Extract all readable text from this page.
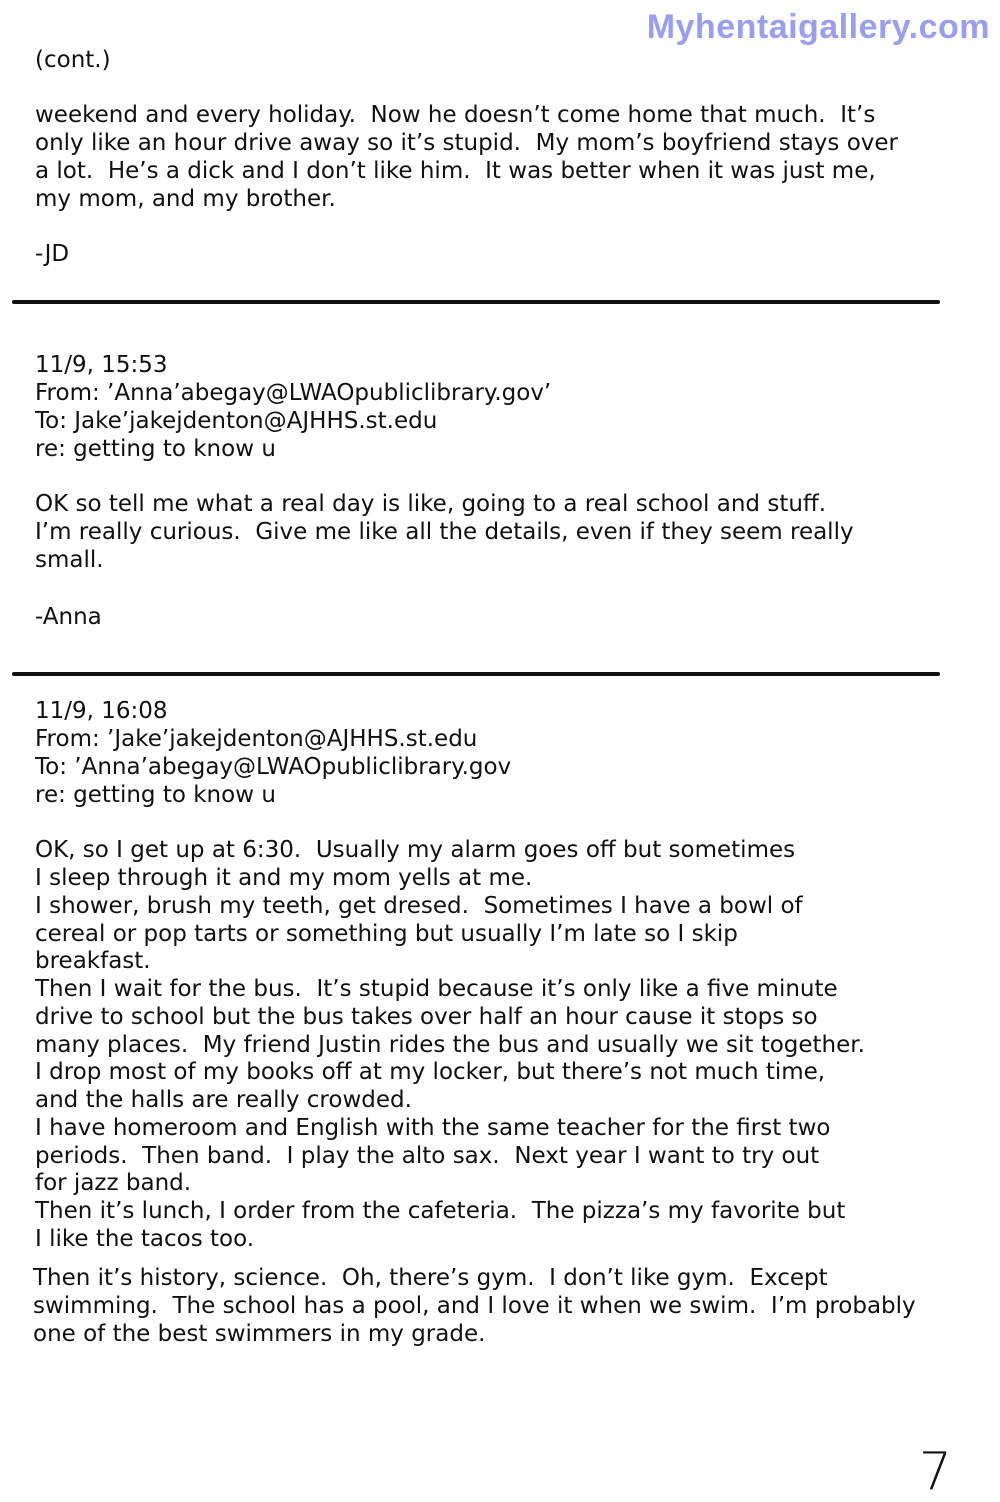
Myhentaigallery.com
(cont.)
weekend and every holiday.  Now he doesn’t come home that much.  It’s
only like an hour drive away so it’s stupid.  My mom’s boyfriend stays over
a lot.  He’s a dick and I don’t like him.  It was better when it was just me,
my mom, and my brother.
-JD
11/9, 15:53
From: ’Anna’abegay@LWAOpubliclibrary.gov’
To: Jake’jakejdenton@AJHHS.st.edu
re: getting to know u
OK so tell me what a real day is like, going to a real school and stuff.
I’m really curious.  Give me like all the details, even if they seem really
small.
-Anna
11/9, 16:08
From: ’Jake’jakejdenton@AJHHS.st.edu
To: ’Anna’abegay@LWAOpubliclibrary.gov
re: getting to know u
OK, so I get up at 6:30.  Usually my alarm goes off but sometimes
I sleep through it and my mom yells at me.
I shower, brush my teeth, get dresed.  Sometimes I have a bowl of
cereal or pop tarts or something but usually I’m late so I skip
breakfast.
Then I wait for the bus.  It’s stupid because it’s only like a five minute
drive to school but the bus takes over half an hour cause it stops so
many places.  My friend Justin rides the bus and usually we sit together.
I drop most of my books off at my locker, but there’s not much time,
and the halls are really crowded.
I have homeroom and English with the same teacher for the first two
periods.  Then band.  I play the alto sax.  Next year I want to try out
for jazz band.
Then it’s lunch, I order from the cafeteria.  The pizza’s my favorite but
I like the tacos too.
Then it’s history, science.  Oh, there’s gym.  I don’t like gym.  Except
swimming.  The school has a pool, and I love it when we swim.  I’m probably
one of the best swimmers in my grade.
7
